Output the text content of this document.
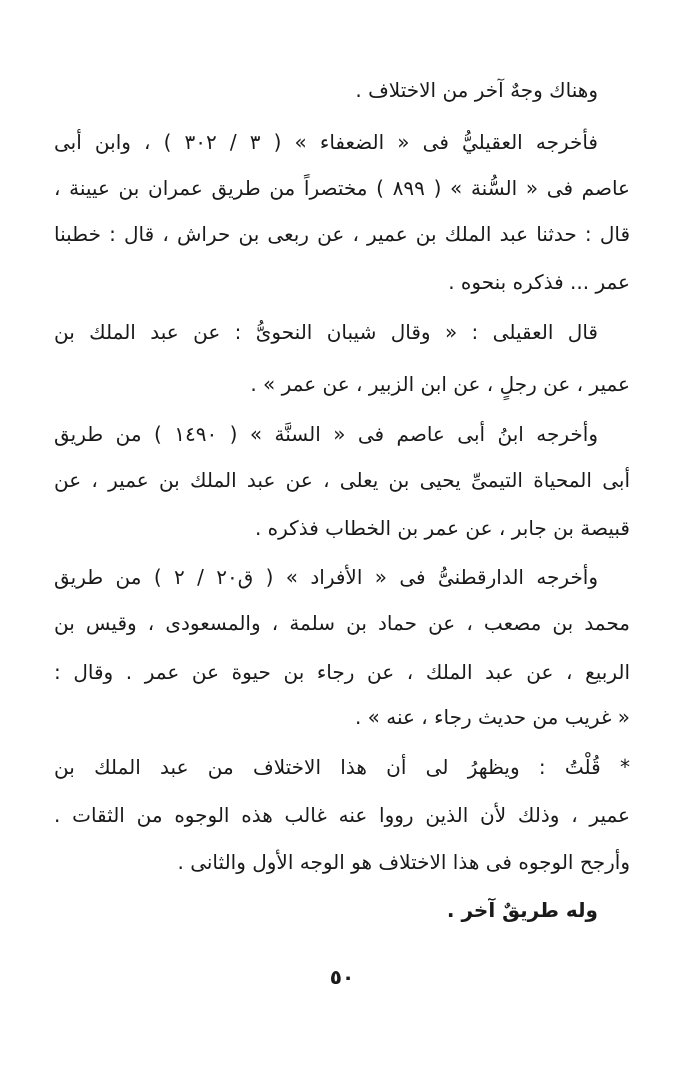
وهناك وجهٌ آخر من الاختلاف .
فأخرجه العقيليُّ فى « الضعفاء » ( ٣ / ٣٠٢ ) ، وابن أبى
عاصم فى « السُّنة » ( ٨٩٩ ) مختصراً من طريق عمران بن عيينة ،
قال : حدثنا عبد الملك بن عمير ، عن ربعى بن حراش ، قال : خطبنا
عمر ... فذكره بنحوه .
قال العقيلى : « وقال شيبان النحوىُّ : عن عبد الملك بن
عمير ، عن رجلٍ ، عن ابن الزبير ، عن عمر » .
وأخرجه ابنُ أبى عاصم فى « السنَّة » ( ١٤٩٠ ) من طريق
أبى المحياة التيمىِّ يحيى بن يعلى ، عن عبد الملك بن عمير ، عن
قبيصة بن جابر ، عن عمر بن الخطاب فذكره .
وأخرجه الدارقطنىُّ فى « الأفراد » ( ق٢٠ / ٢ ) من طريق
محمد بن مصعب ، عن حماد بن سلمة ، والمسعودى ، وقيس بن
الربيع ، عن عبد الملك ، عن رجاء بن حيوة عن عمر . وقال :
« غريب من حديث رجاء ، عنه » .
* قُلْتُ : ويظهرُ لى أن هذا الاختلاف من عبد الملك بن
عمير ، وذلك لأن الذين رووا عنه غالب هذه الوجوه من الثقات .
وأرجح الوجوه فى هذا الاختلاف هو الوجه الأول والثانى .
وله طريقٌ آخر .
٥٠
